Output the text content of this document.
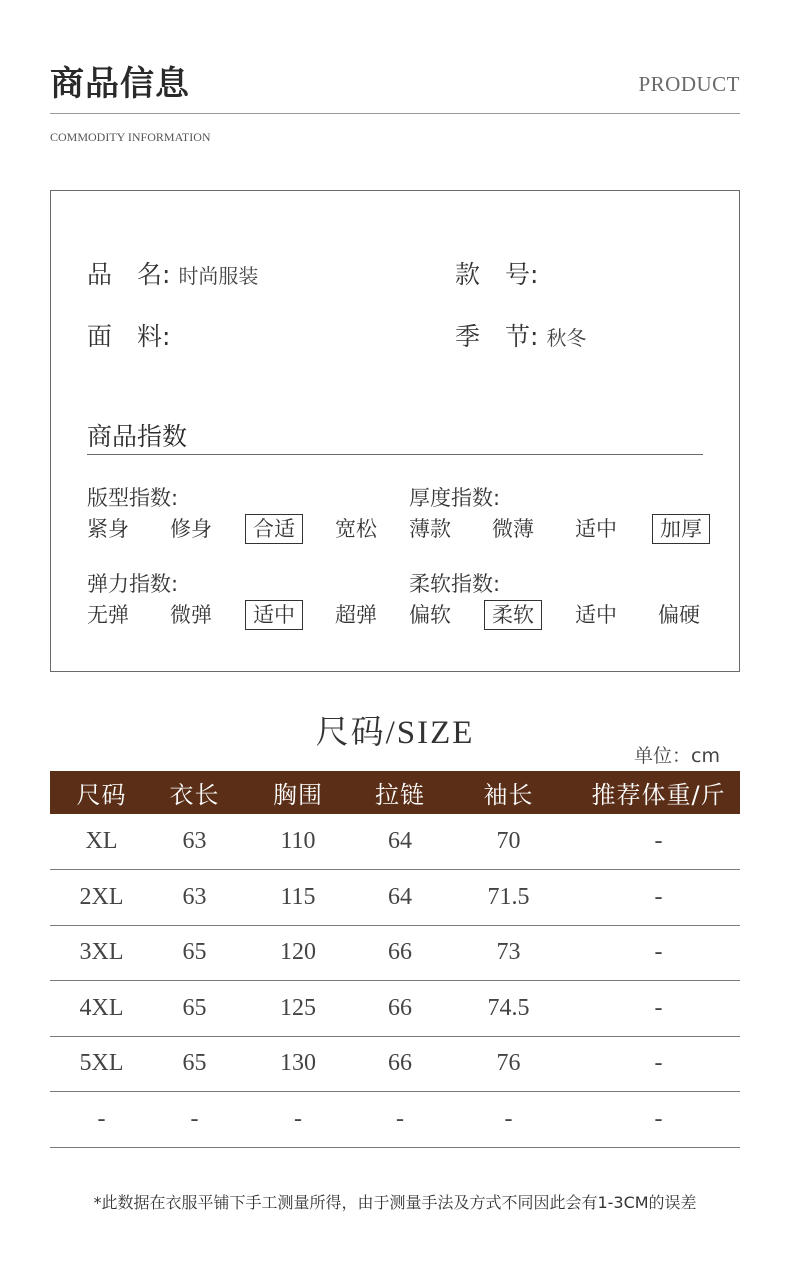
商品信息	PRODUCT
COMMODITY INFORMATION
品　名: 时尚服装	款　号:
面　料:	季　节: 秋冬
商品指数
版型指数:
紧身	修身	合适	宽松
厚度指数:
薄款	微薄	适中	加厚
弹力指数:
无弹	微弹	适中	超弹
柔软指数:
偏软	柔软	适中	偏硬
尺码/SIZE
单位：cm
尺码	衣长	胸围	拉链	袖长	推荐体重/斤
XL	63	110	64	70	-
2XL	63	115	64	71.5	-
3XL	65	120	66	73	-
4XL	65	125	66	74.5	-
5XL	65	130	66	76	-
-	-	-	-	-	-
*此数据在衣服平铺下手工测量所得，由于测量手法及方式不同因此会有1-3CM的误差
